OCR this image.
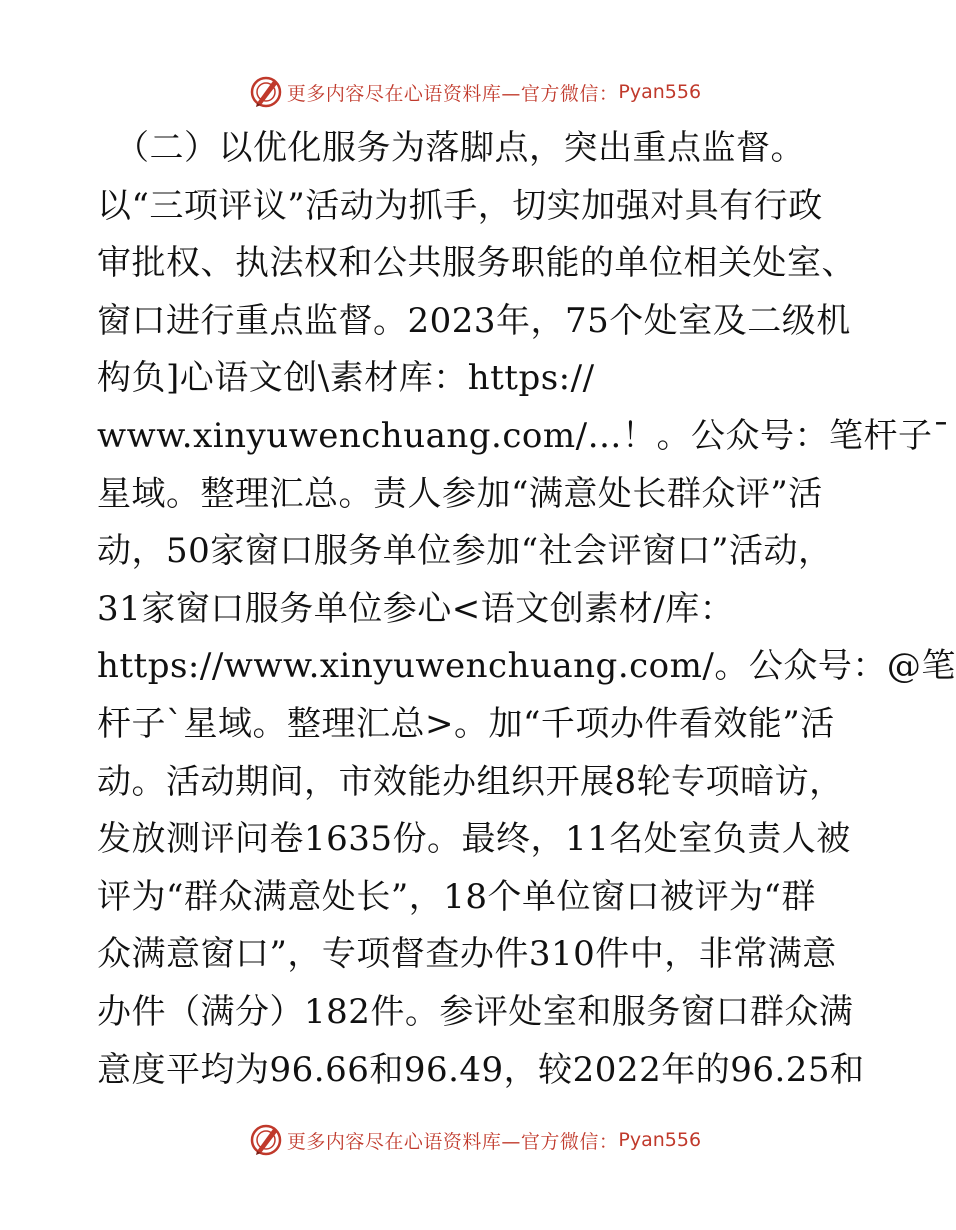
更多内容尽在心语资料库—官方微信： Pyan556
（二）以优化服务为落脚点，突出重点监督。
以“三项评议”活动为抓手，切实加强对具有行政
审批权、执法权和公共服务职能的单位相关处室、
窗口进行重点监督。2023年，75个处室及二级机
构负]心语文创\素材库：https://
www.xinyuwenchuang.com/…！。公众号：笔杆子¯
星域。整理汇总。责人参加“满意处长群众评”活
动，50家窗口服务单位参加“社会评窗口”活动，
31家窗口服务单位参心<语文创素材/库：
https://www.xinyuwenchuang.com/。公众号：@笔
杆子`星域。整理汇总>。加“千项办件看效能”活
动。活动期间，市效能办组织开展8轮专项暗访，
发放测评问卷1635份。最终，11名处室负责人被
评为“群众满意处长”，18个单位窗口被评为“群
众满意窗口”，专项督查办件310件中，非常满意
办件（满分）182件。参评处室和服务窗口群众满
意度平均为96.66和96.49，较2022年的96.25和
更多内容尽在心语资料库—官方微信： Pyan556
